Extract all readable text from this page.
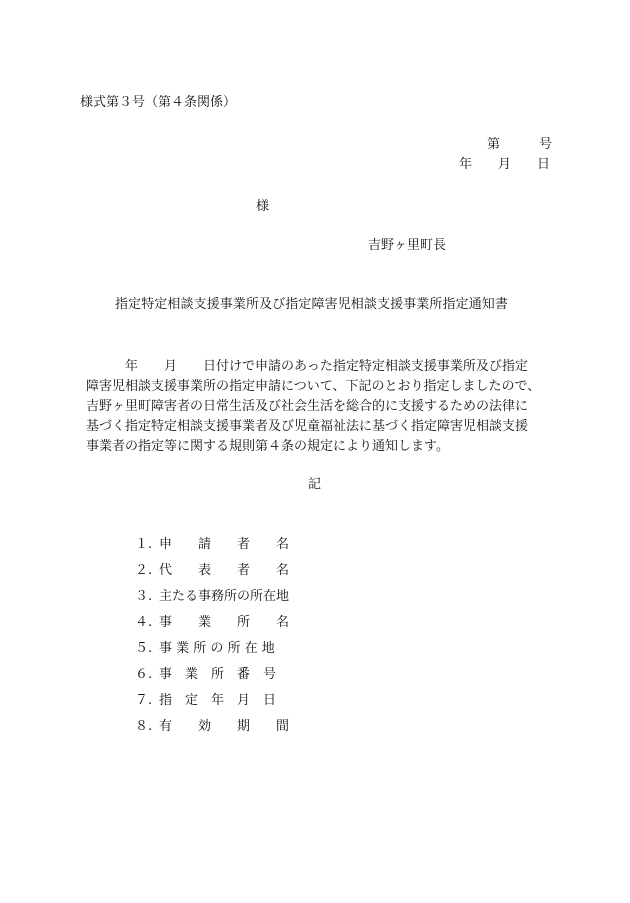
様式第３号（第４条関係）
第　　　号
年　　月　　日
様
吉野ヶ里町長
指定特定相談支援事業所及び指定障害児相談支援事業所指定通知書

　　　年　　月　　日付けで申請のあった指定特定相談支援事業所及び指定

障害児相談支援事業所の指定申請について、下記のとおり指定しましたので、

吉野ヶ里町障害者の日常生活及び社会生活を総合的に支援するための法律に

基づく指定特定相談支援事業者及び児童福祉法に基づく指定障害児相談支援

事業者の指定等に関する規則第４条の規定により通知します。

記
１. 申　　請　　者　　名
２. 代　　表　　者　　名
３. 主たる事務所の所在地
４. 事　　業　　所　　名
５. 事 業 所 の 所 在 地
６. 事　業　所　番　号
７. 指　定　年　月　日
８. 有　　効　　期　　間
